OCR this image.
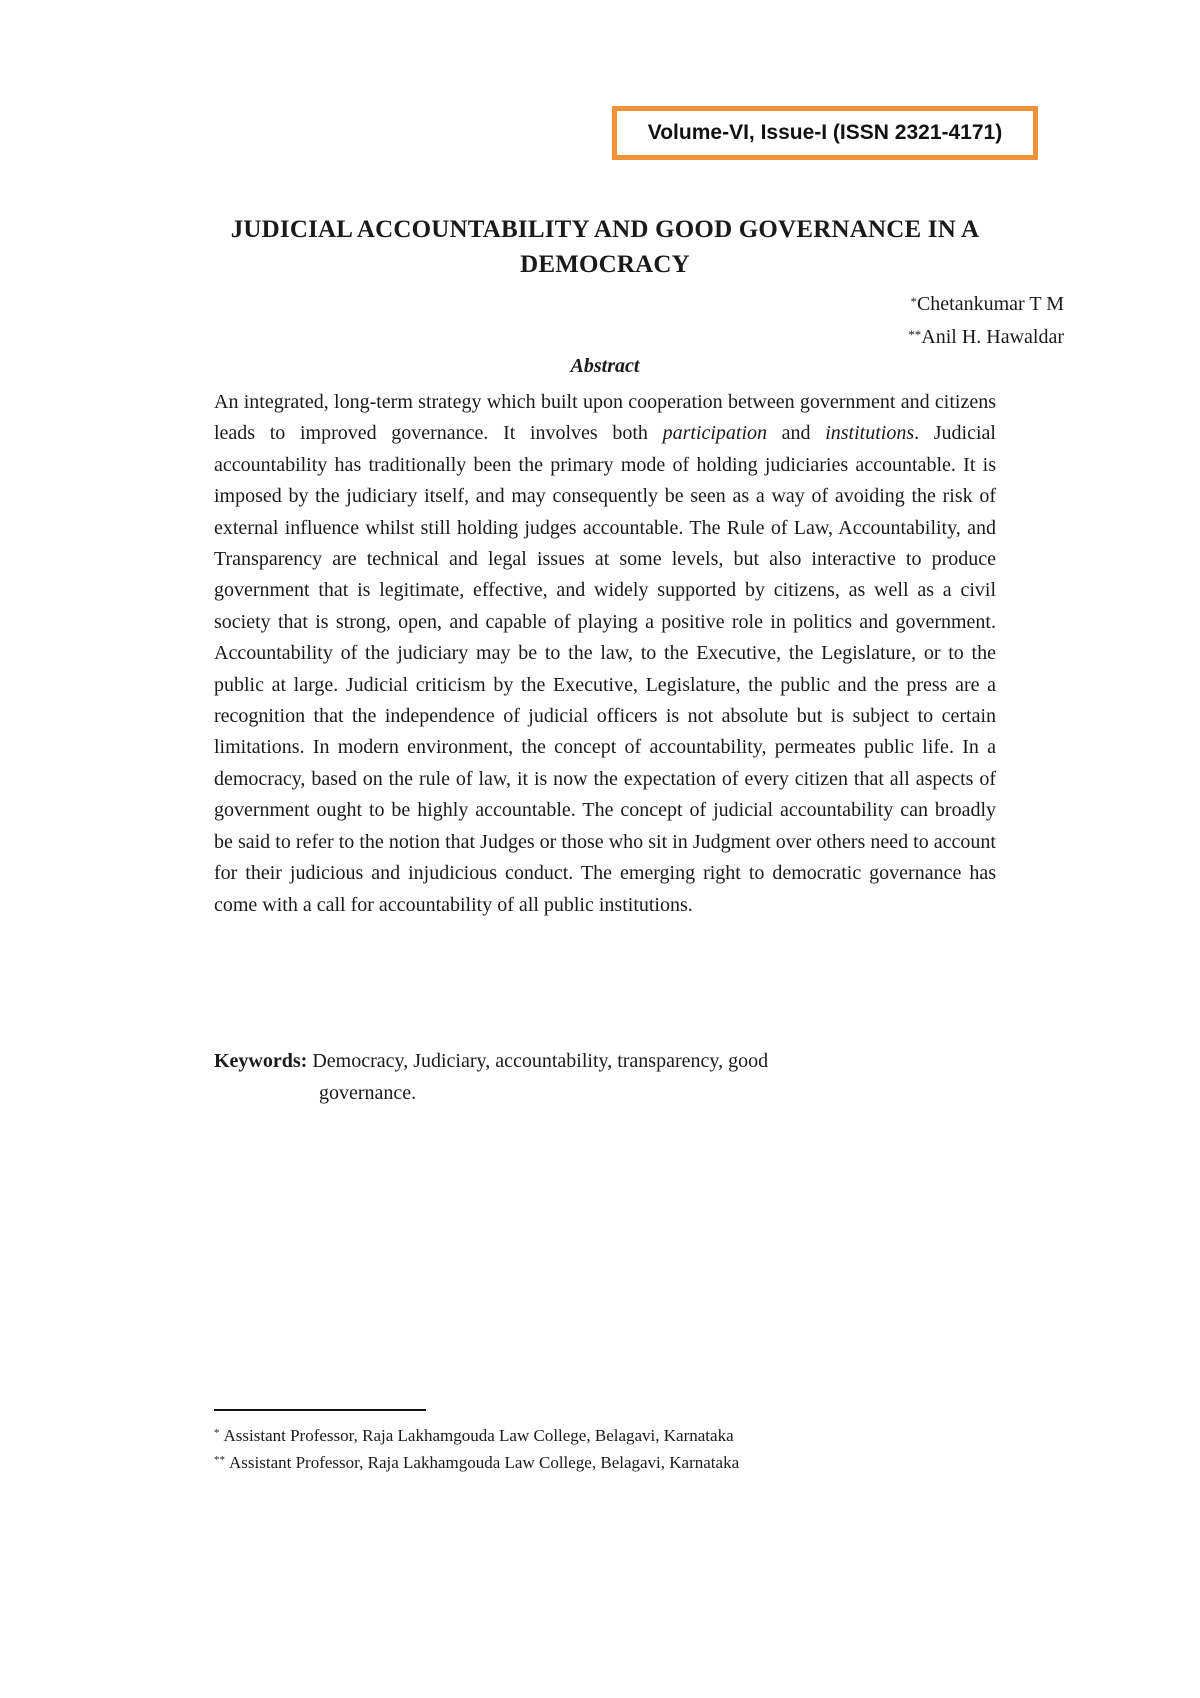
Volume-VI, Issue-I (ISSN 2321-4171)
JUDICIAL ACCOUNTABILITY AND GOOD GOVERNANCE IN A
DEMOCRACY
*Chetankumar T M
**Anil H. Hawaldar
Abstract

An integrated, long-term strategy which built upon cooperation between government and citizens leads to improved governance. It involves both participation and institutions. Judicial accountability has traditionally been the primary mode of holding judiciaries accountable. It is imposed by the judiciary itself, and may consequently be seen as a way of avoiding the risk of external influence whilst still holding judges accountable. The Rule of Law, Accountability, and Transparency are technical and legal issues at some levels, but also interactive to produce government that is legitimate, effective, and widely supported by citizens, as well as a civil society that is strong, open, and capable of playing a positive role in politics and government. Accountability of the judiciary may be to the law, to the Executive, the Legislature, or to the public at large. Judicial criticism by the Executive, Legislature, the public and the press are a recognition that the independence of judicial officers is not absolute but is subject to certain limitations. In modern environment, the concept of accountability, permeates public life. In a democracy, based on the rule of law, it is now the expectation of every citizen that all aspects of government ought to be highly accountable. The concept of judicial accountability can broadly be said to refer to the notion that Judges or those who sit in Judgment over others need to account for their judicious and injudicious conduct. The emerging right to democratic governance has come with a call for accountability of all public institutions.

Keywords: Democracy, Judiciary, accountability, transparency, good
governance.
* Assistant Professor, Raja Lakhamgouda Law College, Belagavi, Karnataka
** Assistant Professor, Raja Lakhamgouda Law College, Belagavi, Karnataka
